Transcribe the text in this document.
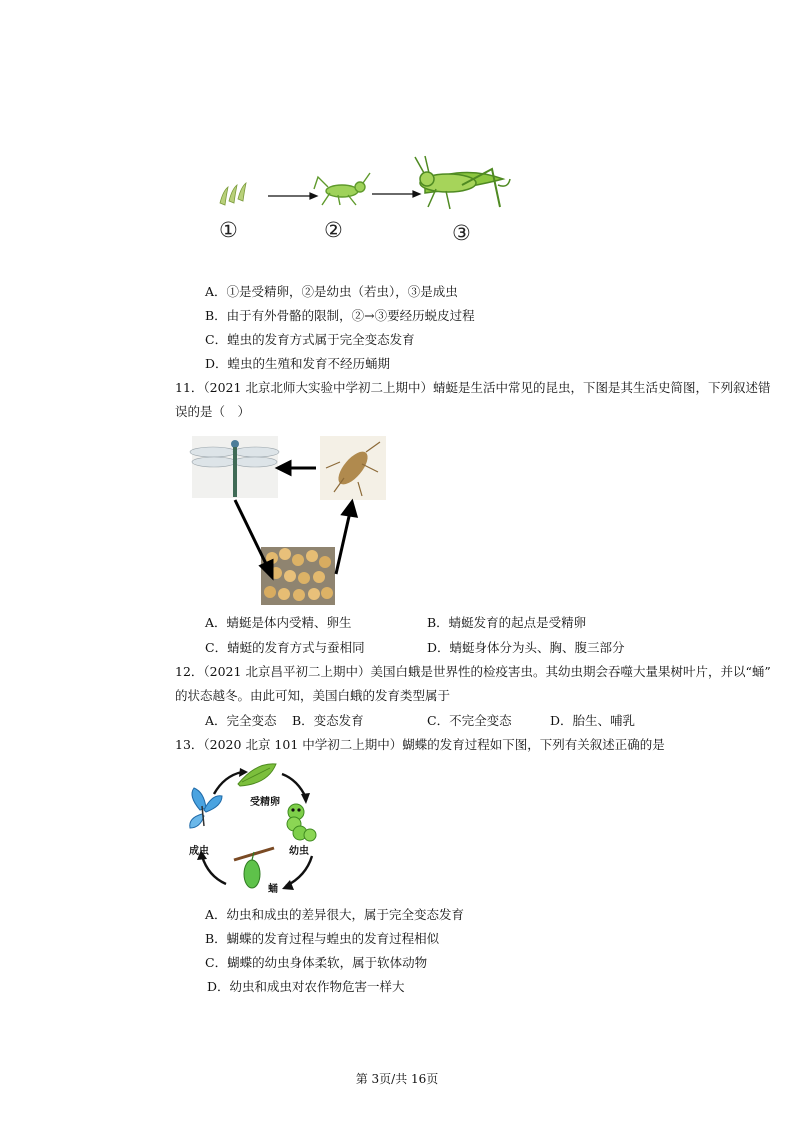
①	②	③
A．①是受精卵，②是幼虫（若虫），③是成虫
B．由于有外骨骼的限制，②→③要经历蜕皮过程
C．蝗虫的发育方式属于完全变态发育
D．蝗虫的生殖和发育不经历蛹期
11．（2021 北京北师大实验中学初二上期中）蜻蜓是生活中常见的昆虫，下图是其生活史简图，下列叙述错
误的是（　）
A．蜻蜓是体内受精、卵生	B．蜻蜓发育的起点是受精卵
C．蜻蜓的发育方式与蚕相同	D．蜻蜓身体分为头、胸、腹三部分
12．（2021 北京昌平初二上期中）美国白蛾是世界性的检疫害虫。其幼虫期会吞噬大量果树叶片，并以“蛹”
的状态越冬。由此可知，美国白蛾的发育类型属于
A．完全变态 B．变态发育	C．不完全变态	D．胎生、哺乳
13．（2020 北京 101 中学初二上期中）蝴蝶的发育过程如下图，下列有关叙述正确的是
受精卵
幼虫
蛹
成虫
A．幼虫和成虫的差异很大，属于完全变态发育
B．蝴蝶的发育过程与蝗虫的发育过程相似
C．蝴蝶的幼虫身体柔软，属于软体动物
D．幼虫和成虫对农作物危害一样大
第 3页/共 16页
